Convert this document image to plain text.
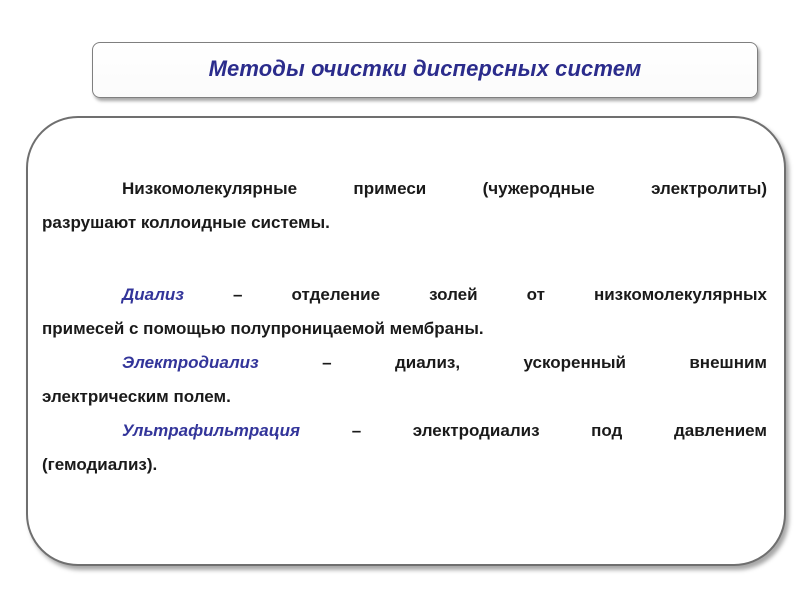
Методы очистки дисперсных систем
Низкомолекулярные примеси (чужеродные электролиты)
разрушают коллоидные системы.
Диализ – отделение золей от низкомолекулярных
примесей с помощью полупроницаемой мембраны.
Электродиализ – диализ, ускоренный внешним
электрическим полем.
Ультрафильтрация – электродиализ под давлением
(гемодиализ).
